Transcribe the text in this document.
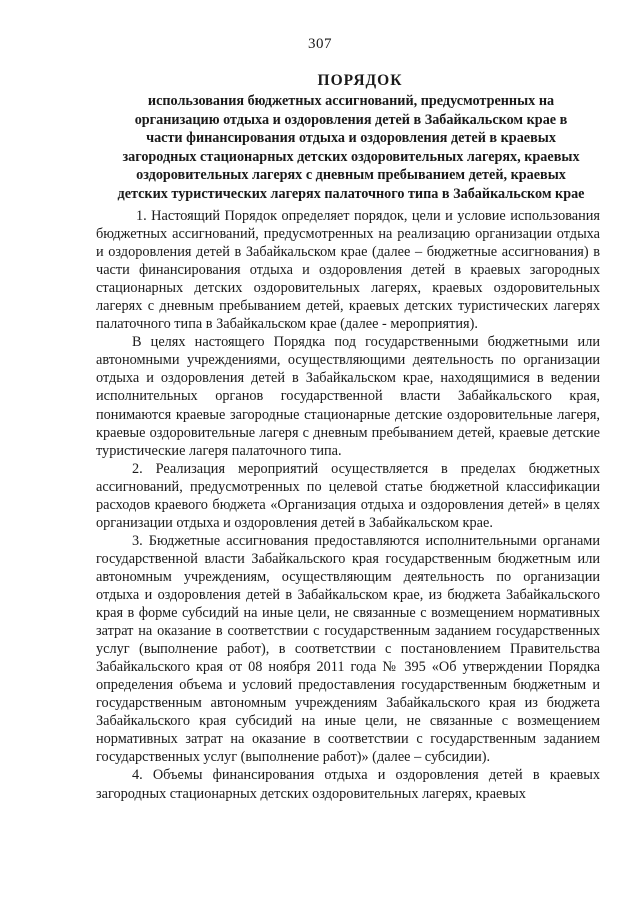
307
ПОРЯДОК
использования бюджетных ассигнований, предусмотренных на
организацию отдыха и оздоровления детей в Забайкальском крае в
части финансирования отдыха и оздоровления детей в краевых
загородных стационарных детских оздоровительных лагерях, краевых
оздоровительных лагерях с дневным пребыванием детей, краевых
детских туристических лагерях палаточного типа в Забайкальском крае

1. Настоящий Порядок определяет порядок, цели и условие использования бюджетных ассигнований, предусмотренных на реализацию организации отдыха и оздоровления детей в Забайкальском крае (далее – бюджетные ассигнования) в части финансирования отдыха и оздоровления детей в краевых загородных стационарных детских оздоровительных лагерях, краевых оздоровительных лагерях с дневным пребыванием детей, краевых детских туристических лагерях палаточного типа в Забайкальском крае (далее - мероприятия).

В целях настоящего Порядка под государственными бюджетными или автономными учреждениями, осуществляющими деятельность по организации отдыха и оздоровления детей в Забайкальском крае, находящимися в ведении исполнительных органов государственной власти Забайкальского края, понимаются краевые загородные стационарные детские оздоровительные лагеря, краевые оздоровительные лагеря с дневным пребыванием детей, краевые детские туристические лагеря палаточного типа.

2. Реализация мероприятий осуществляется в пределах бюджетных ассигнований, предусмотренных по целевой статье бюджетной классификации расходов краевого бюджета «Организация отдыха и оздоровления детей» в целях организации отдыха и оздоровления детей в Забайкальском крае.

3. Бюджетные ассигнования предоставляются исполнительными органами государственной власти Забайкальского края государственным бюджетным или автономным учреждениям, осуществляющим деятельность по организации отдыха и оздоровления детей в Забайкальском крае, из бюджета Забайкальского края в форме субсидий на иные цели, не связанные с возмещением нормативных затрат на оказание в соответствии с государственным заданием государственных услуг (выполнение работ), в соответствии с постановлением Правительства Забайкальского края от 08 ноября 2011 года № 395 «Об утверждении Порядка определения объема и условий предоставления государственным бюджетным и государственным автономным учреждениям Забайкальского края из бюджета Забайкальского края субсидий на иные цели, не связанные с возмещением нормативных затрат на оказание в соответствии с государственным заданием государственных услуг (выполнение работ)» (далее – субсидии).

4. Объемы финансирования отдыха и оздоровления детей в краевых загородных стационарных детских оздоровительных лагерях, краевых
